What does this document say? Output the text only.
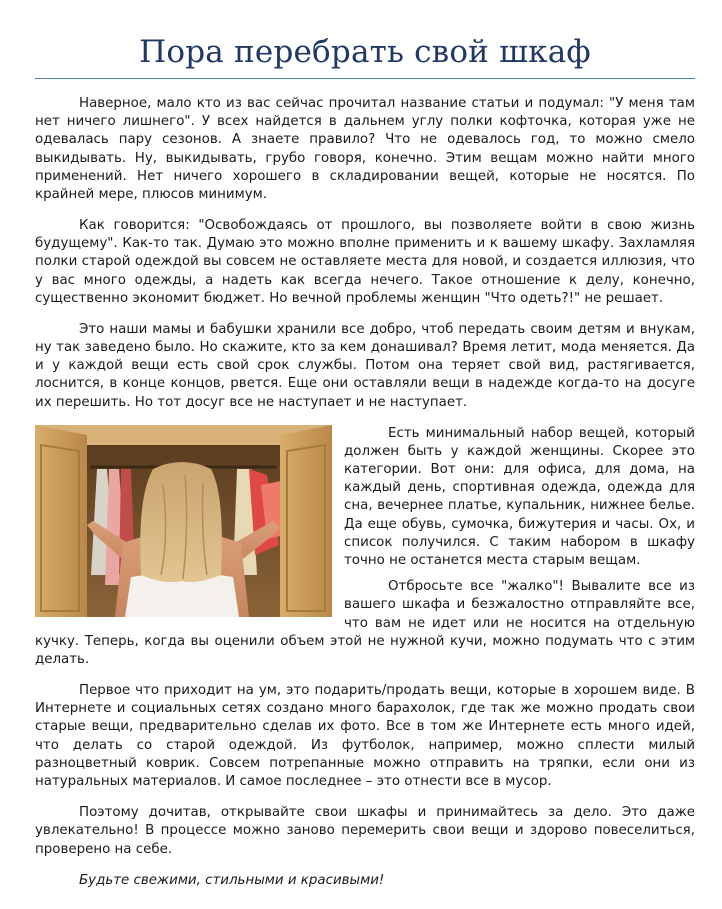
Пора перебрать свой шкаф

Наверное, мало кто из вас сейчас прочитал название статьи и подумал: "У меня там нет ничего лишнего". У всех найдется в дальнем углу полки кофточка, которая уже не одевалась пару сезонов. А знаете правило? Что не одевалось год, то можно смело выкидывать. Ну, выкидывать, грубо говоря, конечно. Этим вещам можно найти много применений. Нет ничего хорошего в складировании вещей, которые не носятся. По крайней мере, плюсов минимум.

Как говорится: "Освобождаясь от прошлого, вы позволяете войти в свою жизнь будущему". Как-то так. Думаю это можно вполне применить и к вашему шкафу. Захламляя полки старой одеждой вы совсем не оставляете места для новой, и создается иллюзия, что у вас много одежды, а надеть как всегда нечего. Такое отношение к делу, конечно, существенно экономит бюджет. Но вечной проблемы женщин "Что одеть?!" не решает.

Это наши мамы и бабушки хранили все добро, чтоб передать своим детям и внукам, ну так заведено было. Но скажите, кто за кем донашивал? Время летит, мода меняется. Да и у каждой вещи есть свой срок службы. Потом она теряет свой вид, растягивается, лоснится, в конце концов, рвется. Еще они оставляли вещи в надежде когда-то на досуге их перешить. Но тот досуг все не наступает и не наступает.

Есть минимальный набор вещей, который должен быть у каждой женщины. Скорее это категории. Вот они: для офиса, для дома, на каждый день, спортивная одежда, одежда для сна, вечернее платье, купальник, нижнее белье. Да еще обувь, сумочка, бижутерия и часы. Ох, и список получился. С таким набором в шкафу точно не останется места старым вещам.

Отбросьте все "жалко"! Вывалите все из вашего шкафа и безжалостно отправляйте все, что вам не идет или не носится на отдельную кучку. Теперь, когда вы оценили объем этой не нужной кучи, можно подумать что с этим делать.

Первое что приходит на ум, это подарить/продать вещи, которые в хорошем виде. В Интернете и социальных сетях создано много барахолок, где так же можно продать свои старые вещи, предварительно сделав их фото. Все в том же Интернете есть много идей, что делать со старой одеждой. Из футболок, например, можно сплести милый разноцветный коврик. Совсем потрепанные можно отправить на тряпки, если они из натуральных материалов. И самое последнее – это отнести все в мусор.

Поэтому дочитав, открывайте свои шкафы и принимайтесь за дело. Это даже увлекательно! В процессе можно заново перемерить свои вещи и здорово повеселиться, проверено на себе.

Будьте свежими, стильными и красивыми!
